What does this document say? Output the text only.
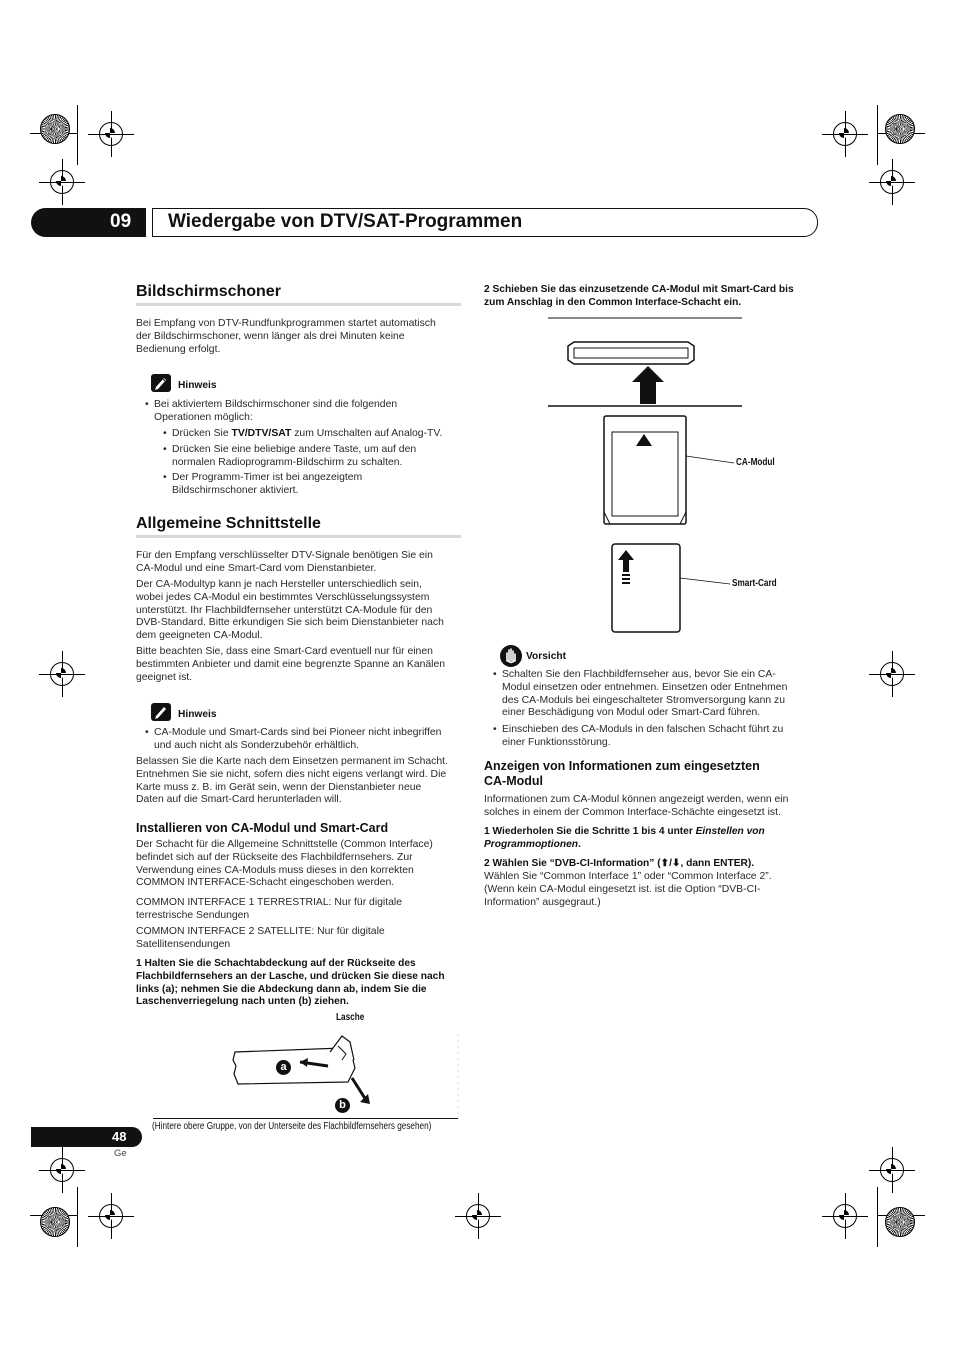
09 Wiedergabe von DTV/SAT-Programmen
Bildschirmschoner
Bei Empfang von DTV-Rundfunkprogrammen startet automatisch
der Bildschirmschoner, wenn länger als drei Minuten keine
Bedienung erfolgt.
Hinweis
• Bei aktiviertem Bildschirmschoner sind die folgenden
Operationen möglich:
• Drücken Sie TV/DTV/SAT zum Umschalten auf Analog-TV.
• Drücken Sie eine beliebige andere Taste, um auf den
normalen Radioprogramm-Bildschirm zu schalten.
• Der Programm-Timer ist bei angezeigtem
Bildschirmschoner aktiviert.
Allgemeine Schnittstelle
Für den Empfang verschlüsselter DTV-Signale benötigen Sie ein
CA-Modul und eine Smart-Card vom Dienstanbieter.
Der CA-Modultyp kann je nach Hersteller unterschiedlich sein,
wobei jedes CA-Modul ein bestimmtes Verschlüsselungssystem
unterstützt. Ihr Flachbildfernseher unterstützt CA-Module für den
DVB-Standard. Bitte erkundigen Sie sich beim Dienstanbieter nach
dem geeigneten CA-Modul.
Bitte beachten Sie, dass eine Smart-Card eventuell nur für einen
bestimmten Anbieter und damit eine begrenzte Spanne an Kanälen
geeignet ist.
Hinweis
• CA-Module und Smart-Cards sind bei Pioneer nicht inbegriffen
und auch nicht als Sonderzubehör erhältlich.
Belassen Sie die Karte nach dem Einsetzen permanent im Schacht.
Entnehmen Sie sie nicht, sofern dies nicht eigens verlangt wird. Die
Karte muss z. B. im Gerät sein, wenn der Dienstanbieter neue
Daten auf die Smart-Card herunterladen will.
Installieren von CA-Modul und Smart-Card
Der Schacht für die Allgemeine Schnittstelle (Common Interface)
befindet sich auf der Rückseite des Flachbildfernsehers. Zur
Verwendung eines CA-Moduls muss dieses in den korrekten
COMMON INTERFACE-Schacht eingeschoben werden.
COMMON INTERFACE 1 TERRESTRIAL: Nur für digitale
terrestrische Sendungen
COMMON INTERFACE 2 SATELLITE: Nur für digitale
Satellitensendungen
1 Halten Sie die Schachtabdeckung auf der Rückseite des
Flachbildfernsehers an der Lasche, und drücken Sie diese nach
links (a); nehmen Sie die Abdeckung dann ab, indem Sie die
Laschenverriegelung nach unten (b) ziehen.
Lasche
a
b
(Hintere obere Gruppe, von der Unterseite des Flachbildfernsehers gesehen)
2 Schieben Sie das einzusetzende CA-Modul mit Smart-Card bis
zum Anschlag in den Common Interface-Schacht ein.
CA-Modul
Smart-Card
Vorsicht
• Schalten Sie den Flachbildfernseher aus, bevor Sie ein CA-
Modul einsetzen oder entnehmen. Einsetzen oder Entnehmen
des CA-Moduls bei eingeschalteter Stromversorgung kann zu
einer Beschädigung von Modul oder Smart-Card führen.
• Einschieben des CA-Moduls in den falschen Schacht führt zu
einer Funktionsstörung.
Anzeigen von Informationen zum eingesetzten
CA-Modul
Informationen zum CA-Modul können angezeigt werden, wenn ein
solches in einem der Common Interface-Schächte eingesetzt ist.
1 Wiederholen Sie die Schritte 1 bis 4 unter Einstellen von
Programmoptionen.
2 Wählen Sie “DVB-CI-Information” (⬆/⬇, dann ENTER).
Wählen Sie “Common Interface 1” oder “Common Interface 2”.
(Wenn kein CA-Modul eingesetzt ist. ist die Option “DVB-CI-
Information” ausgegraut.)
48
Ge
